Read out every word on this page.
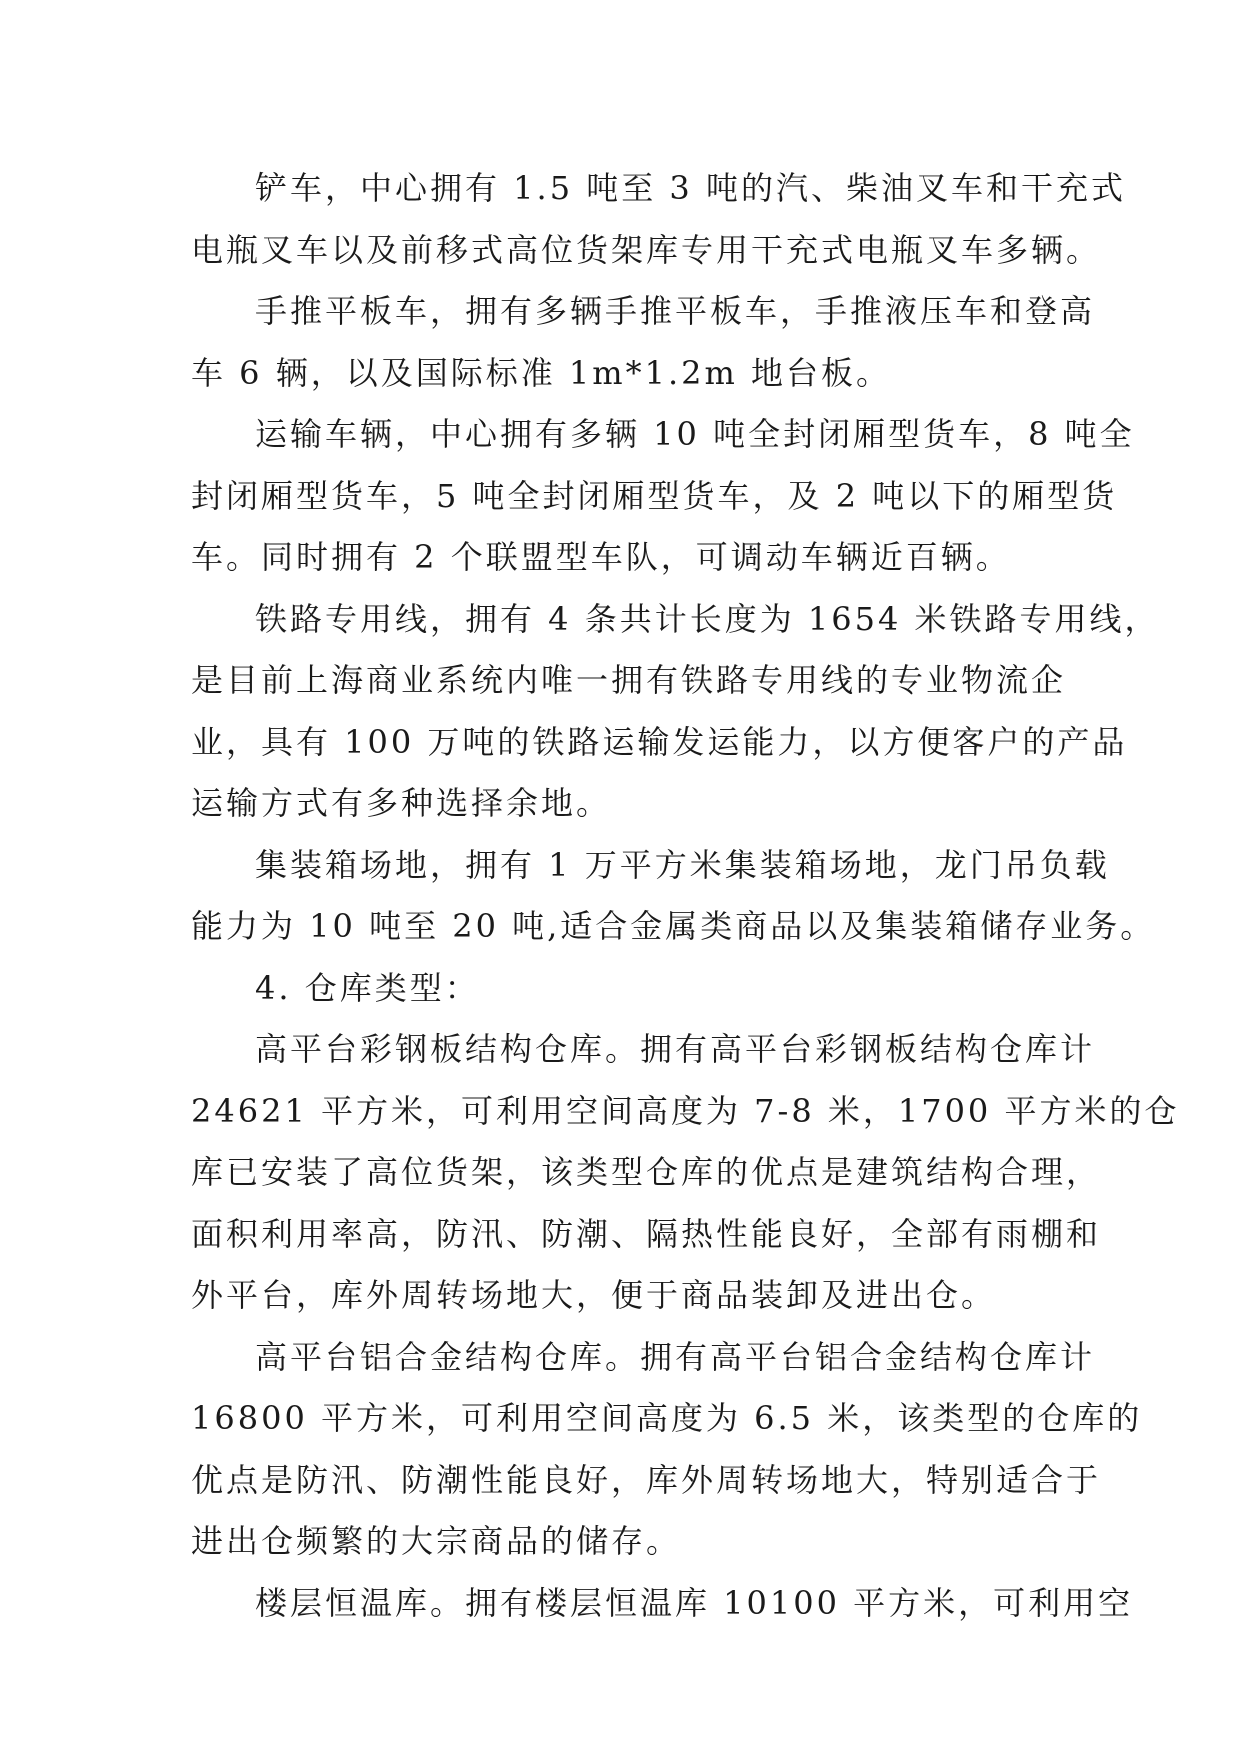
铲车，中心拥有 1.5 吨至 3 吨的汽、柴油叉车和干充式
电瓶叉车以及前移式高位货架库专用干充式电瓶叉车多辆。
手推平板车，拥有多辆手推平板车，手推液压车和登高
车 6 辆，以及国际标准 1m*1.2m 地台板。
运输车辆，中心拥有多辆 10 吨全封闭厢型货车，8 吨全
封闭厢型货车，5 吨全封闭厢型货车，及 2 吨以下的厢型货
车。同时拥有 2 个联盟型车队，可调动车辆近百辆。
铁路专用线，拥有 4 条共计长度为 1654 米铁路专用线，
是目前上海商业系统内唯一拥有铁路专用线的专业物流企
业，具有 100 万吨的铁路运输发运能力，以方便客户的产品
运输方式有多种选择余地。
集装箱场地，拥有 1 万平方米集装箱场地，龙门吊负载
能力为 10 吨至 20 吨,适合金属类商品以及集装箱储存业务。
4. 仓库类型：
高平台彩钢板结构仓库。拥有高平台彩钢板结构仓库计
24621 平方米，可利用空间高度为 7-8 米，1700 平方米的仓
库已安装了高位货架，该类型仓库的优点是建筑结构合理，
面积利用率高，防汛、防潮、隔热性能良好，全部有雨棚和
外平台，库外周转场地大，便于商品装卸及进出仓。
高平台铝合金结构仓库。拥有高平台铝合金结构仓库计
16800 平方米，可利用空间高度为 6.5 米，该类型的仓库的
优点是防汛、防潮性能良好，库外周转场地大，特别适合于
进出仓频繁的大宗商品的储存。
楼层恒温库。拥有楼层恒温库 10100 平方米，可利用空
